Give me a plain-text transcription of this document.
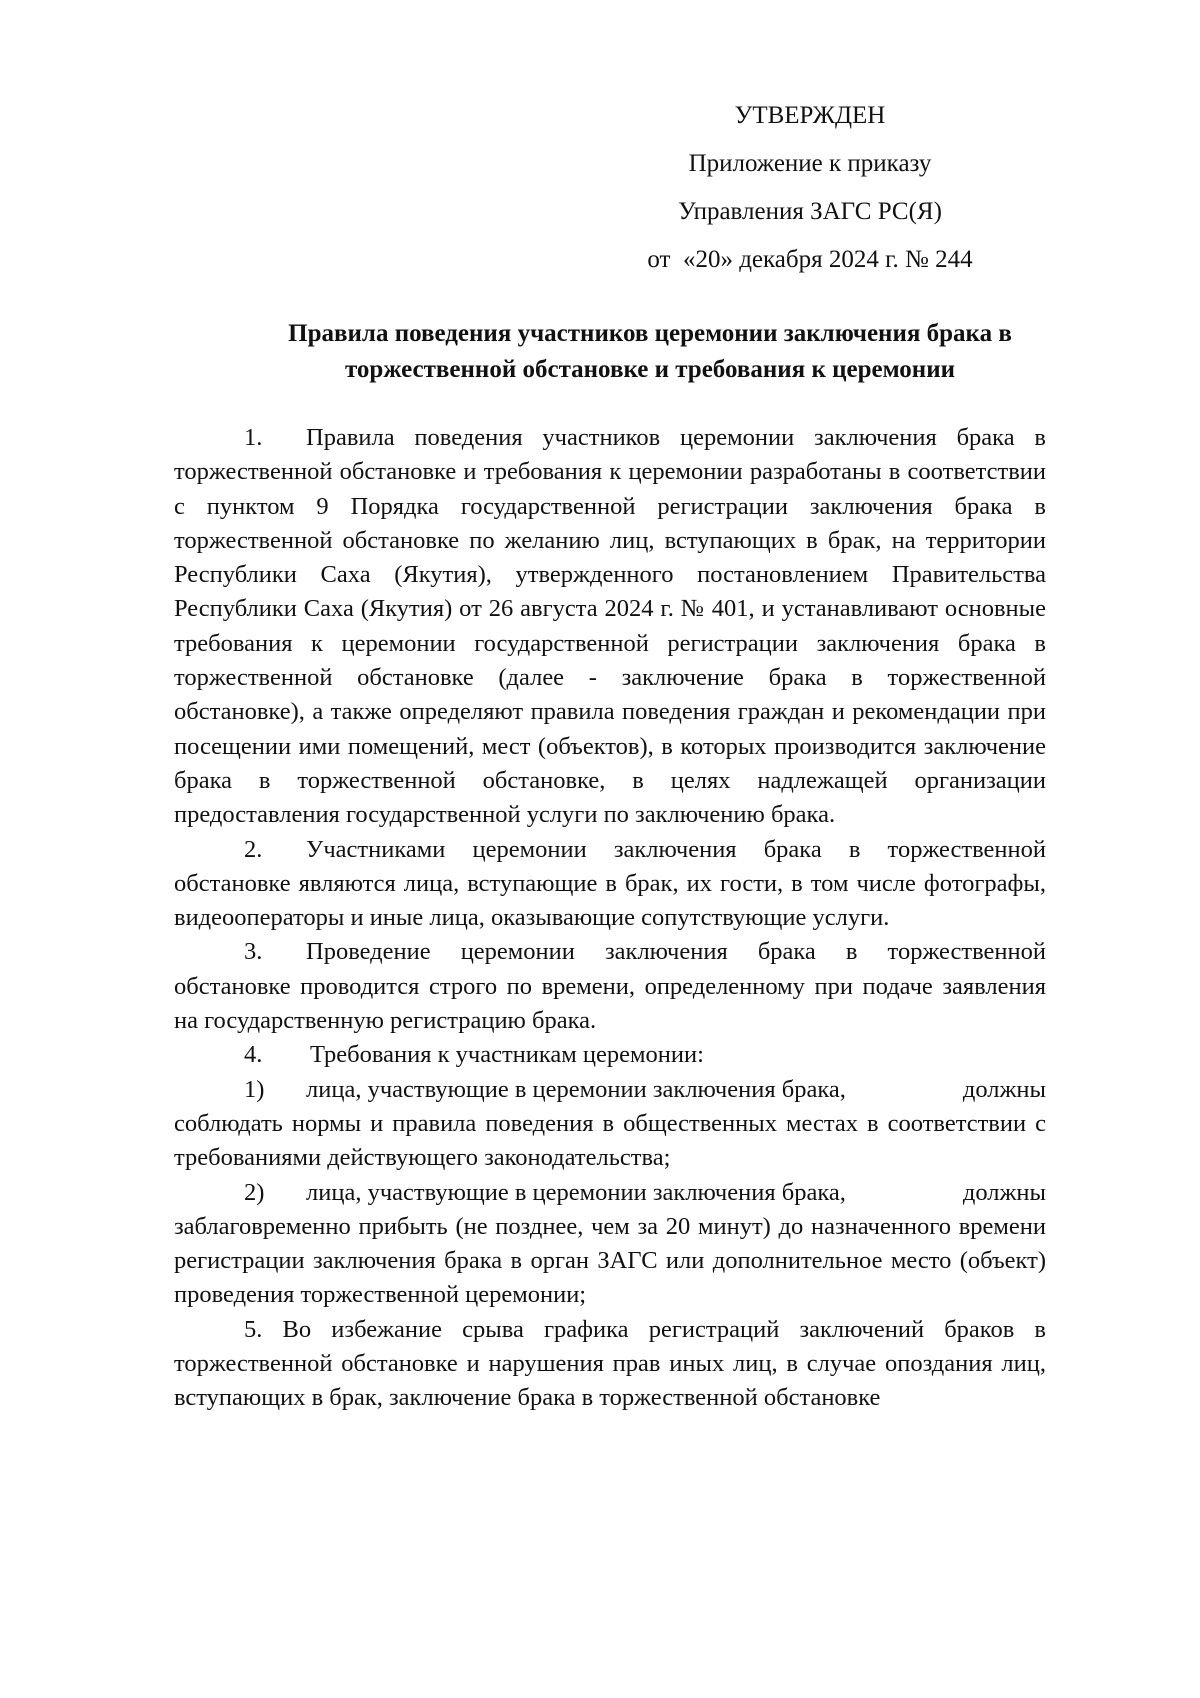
УТВЕРЖДЕН
Приложение к приказу
Управления ЗАГС РС(Я)
от  «20» декабря 2024 г. № 244
Правила поведения участников церемонии заключения брака в
торжественной обстановке и требования к церемонии

1. Правила поведения участников церемонии заключения брака в торжественной обстановке и требования к церемонии разработаны в соответствии с пунктом 9 Порядка государственной регистрации заключения брака в торжественной обстановке по желанию лиц, вступающих в брак, на территории Республики Саха (Якутия), утвержденного постановлением Правительства Республики Саха (Якутия) от 26 августа 2024 г. № 401, и устанавливают основные требования к церемонии государственной регистрации заключения брака в торжественной обстановке (далее - заключение брака в торжественной обстановке), а также определяют правила поведения граждан и рекомендации при посещении ими помещений, мест (объектов), в которых производится заключение брака в торжественной обстановке, в целях надлежащей организации предоставления государственной услуги по заключению брака.

2. Участниками церемонии заключения брака в торжественной обстановке являются лица, вступающие в брак, их гости, в том числе фотографы, видеооператоры и иные лица, оказывающие сопутствующие услуги.

3. Проведение церемонии заключения брака в торжественной обстановке проводится строго по времени, определенному при подаче заявления на государственную регистрацию брака.

4. Требования к участникам церемонии:

1)	лица, участвующие в церемонии заключения брака,	должны
соблюдать нормы и правила поведения в общественных местах в соответствии с требованиями действующего законодательства;
2)	лица, участвующие в церемонии заключения брака,	должны
заблаговременно прибыть (не позднее, чем за 20 минут) до назначенного времени регистрации заключения брака в орган ЗАГС или дополнительное место (объект) проведения торжественной церемонии;

5. Во избежание срыва графика регистраций заключений браков в торжественной обстановке и нарушения прав иных лиц, в случае опоздания лиц, вступающих в брак, заключение брака в торжественной обстановке
